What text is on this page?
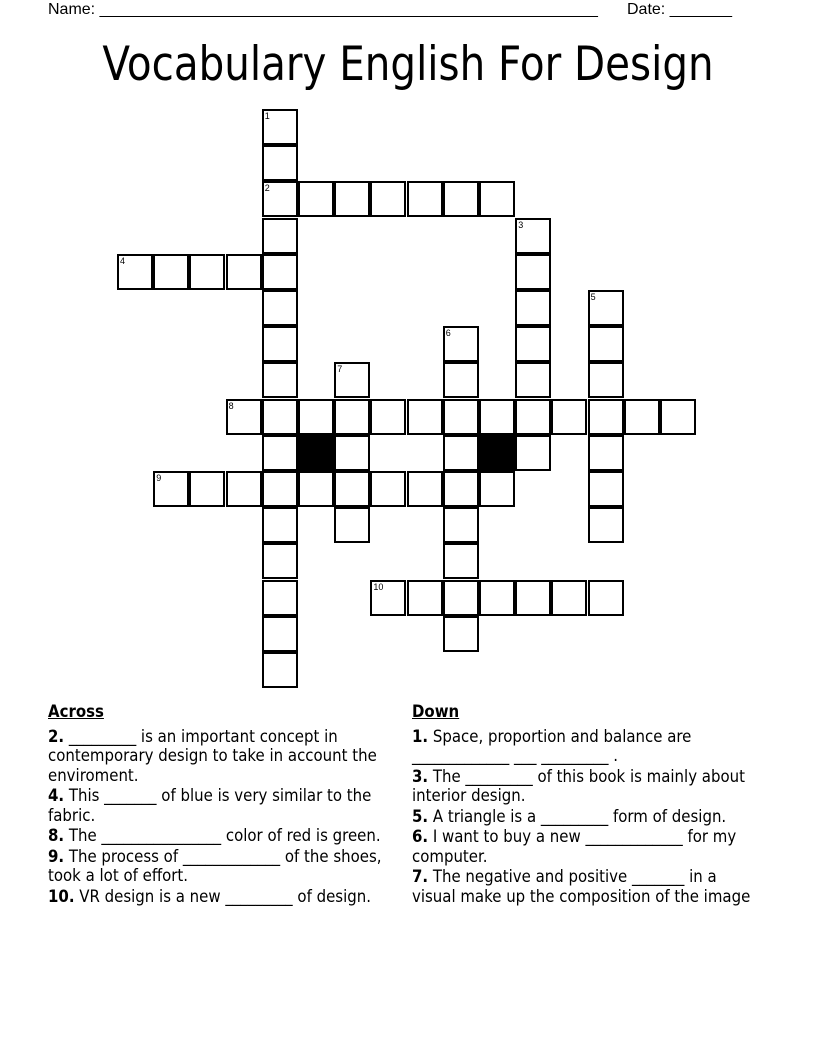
Name: ________________________________________________________ Date: _______
Vocabulary English For Design
1
2
3
4
5
6
7
8
9
10
Across
2. _________ is an important concept in contemporary design to take in account the enviroment.
4. This _______ of blue is very similar to the fabric.
8. The ________________ color of red is green.
9. The process of _____________ of the shoes, took a lot of effort.
10. VR design is a new _________ of design.
Down
1. Space, proportion and balance are _____________ ___ _________ .
3. The _________ of this book is mainly about interior design.
5. A triangle is a _________ form of design.
6. I want to buy a new _____________ for my computer.
7. The negative and positive _______ in a visual make up the composition of the image
